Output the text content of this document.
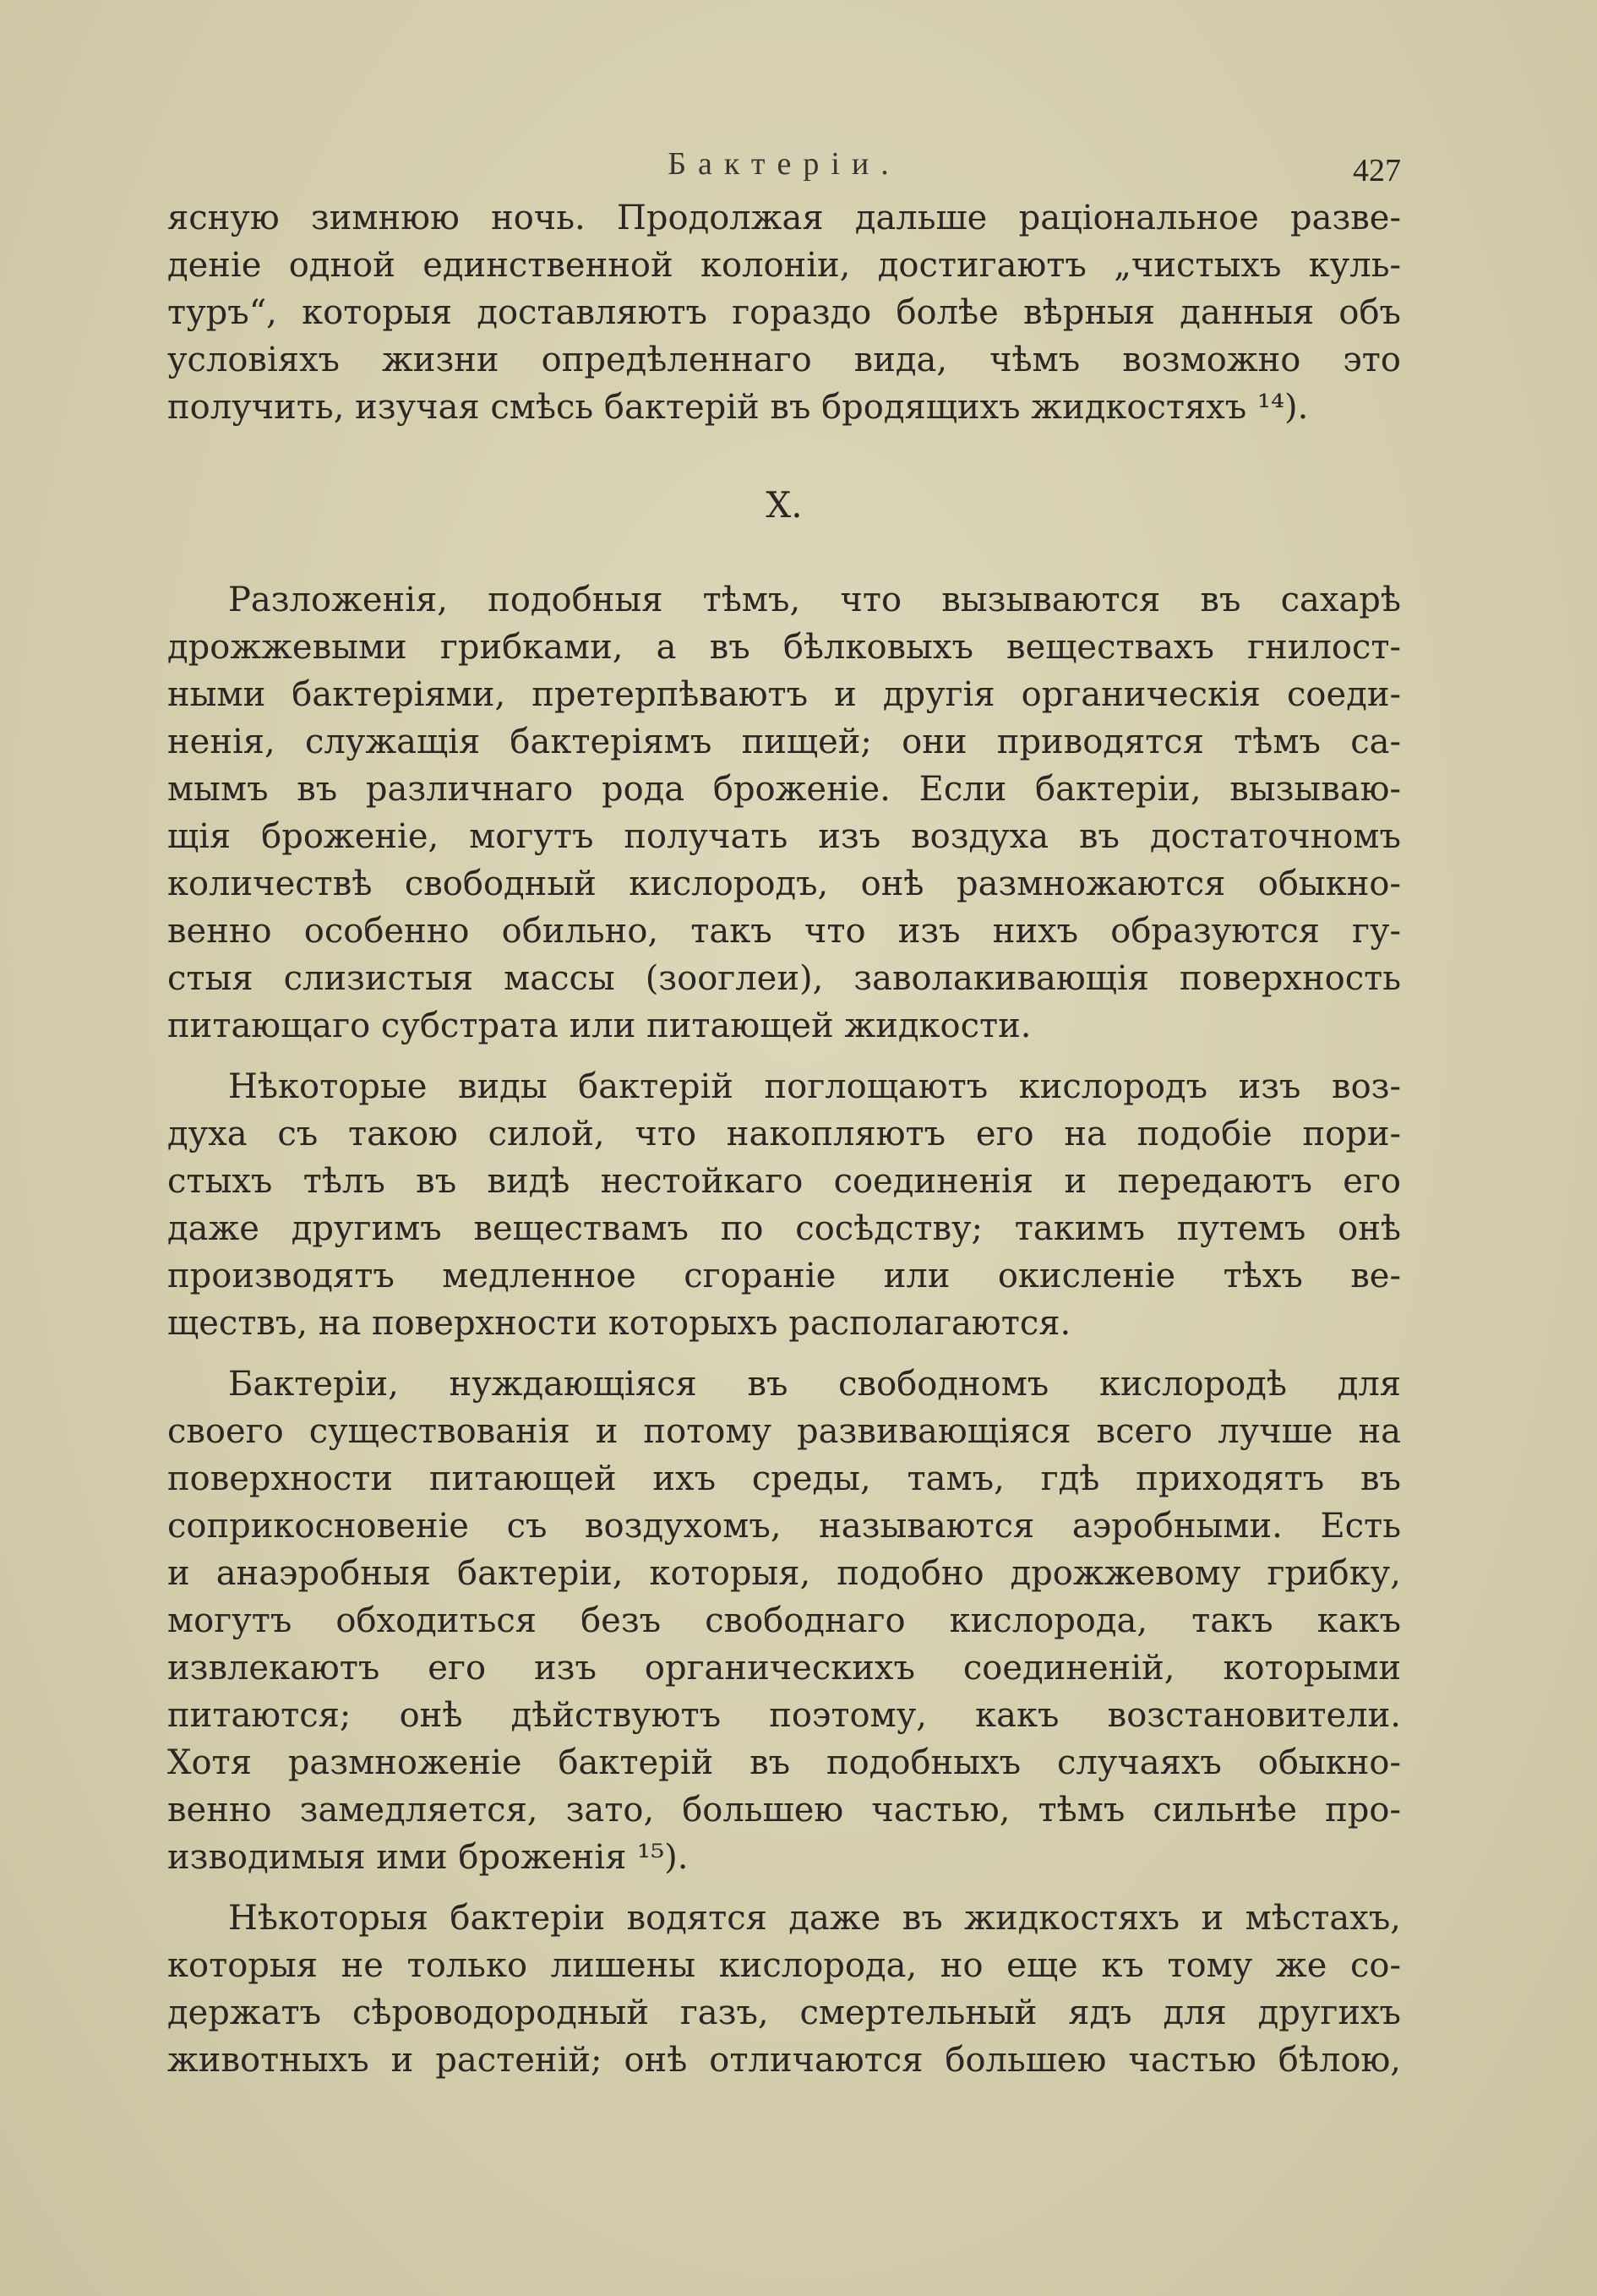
Бактеріи.	427

ясную зимнюю ночь. Продолжая дальше раціональное разве-
деніе одной единственной колоніи, достигаютъ „чистыхъ куль-
туръ“, которыя доставляютъ гораздо болѣе вѣрныя данныя объ
условіяхъ жизни опредѣленнаго вида, чѣмъ возможно это
получить, изучая смѣсь бактерій въ бродящихъ жидкостяхъ ¹⁴).

X.

Разложенія, подобныя тѣмъ, что вызываются въ сахарѣ
дрожжевыми грибками, а въ бѣлковыхъ веществахъ гнилост-
ными бактеріями, претерпѣваютъ и другія органическія соеди-
ненія, служащія бактеріямъ пищей; они приводятся тѣмъ са-
мымъ въ различнаго рода броженіе. Если бактеріи, вызываю-
щія броженіе, могутъ получать изъ воздуха въ достаточномъ
количествѣ свободный кислородъ, онѣ размножаются обыкно-
венно особенно обильно, такъ что изъ нихъ образуются гу-
стыя слизистыя массы (зооглеи), заволакивающія поверхность
питающаго субстрата или питающей жидкости.

Нѣкоторые виды бактерій поглощаютъ кислородъ изъ воз-
духа съ такою силой, что накопляютъ его на подобіе пори-
стыхъ тѣлъ въ видѣ нестойкаго соединенія и передаютъ его
даже другимъ веществамъ по сосѣдству; такимъ путемъ онѣ
производятъ медленное сгораніе или окисленіе тѣхъ ве-
ществъ, на поверхности которыхъ располагаются.

Бактеріи, нуждающіяся въ свободномъ кислородѣ для
своего существованія и потому развивающіяся всего лучше на
поверхности питающей ихъ среды, тамъ, гдѣ приходятъ въ
соприкосновеніе съ воздухомъ, называются аэробными. Есть
и анаэробныя бактеріи, которыя, подобно дрожжевому грибку,
могутъ обходиться безъ свободнаго кислорода, такъ какъ
извлекаютъ его изъ органическихъ соединеній, которыми
питаются; онѣ дѣйствуютъ поэтому, какъ возстановители.
Хотя размноженіе бактерій въ подобныхъ случаяхъ обыкно-
венно замедляется, зато, большею частью, тѣмъ сильнѣе про-
изводимыя ими броженія ¹⁵).

Нѣкоторыя бактеріи водятся даже въ жидкостяхъ и мѣстахъ,
которыя не только лишены кислорода, но еще къ тому же со-
держатъ сѣроводородный газъ, смертельный ядъ для другихъ
животныхъ и растеній; онѣ отличаются большею частью бѣлою,
